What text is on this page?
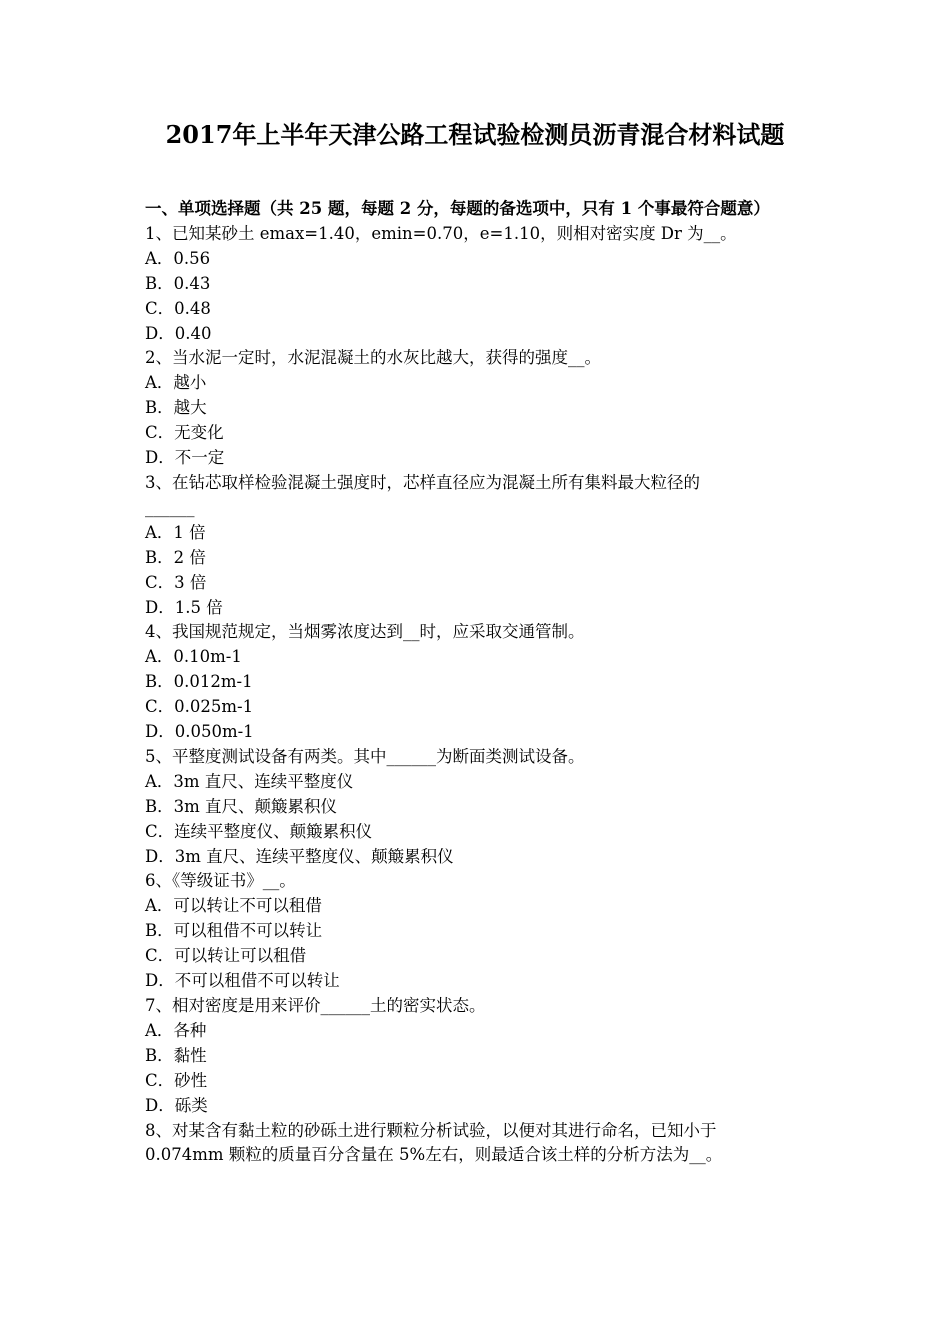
2017年上半年天津公路工程试验检测员沥青混合材料试题
一、单项选择题（共 25 题，每题 2 分，每题的备选项中，只有 1 个事最符合题意）
1、已知某砂土 emax=1.40，emin=0.70，e=1.10，则相对密实度 Dr 为__。
A．0.56
B．0.43
C．0.48
D．0.40
2、当水泥一定时，水泥混凝土的水灰比越大，获得的强度__。
A．越小
B．越大
C．无变化
D．不一定
3、在钻芯取样检验混凝土强度时，芯样直径应为混凝土所有集料最大粒径的
______
A．1 倍
B．2 倍
C．3 倍
D．1.5 倍
4、我国规范规定，当烟雾浓度达到__时，应采取交通管制。
A．0.10m-1
B．0.012m-1
C．0.025m-1
D．0.050m-1
5、平整度测试设备有两类。其中______为断面类测试设备。
A．3m 直尺、连续平整度仪
B．3m 直尺、颠簸累积仪
C．连续平整度仪、颠簸累积仪
D．3m 直尺、连续平整度仪、颠簸累积仪
6、《等级证书》__。
A．可以转让不可以租借
B．可以租借不可以转让
C．可以转让可以租借
D．不可以租借不可以转让
7、相对密度是用来评价______土的密实状态。
A．各种
B．黏性
C．砂性
D．砾类
8、对某含有黏土粒的砂砾土进行颗粒分析试验，以便对其进行命名，已知小于
0.074mm 颗粒的质量百分含量在 5%左右，则最适合该土样的分析方法为__。
